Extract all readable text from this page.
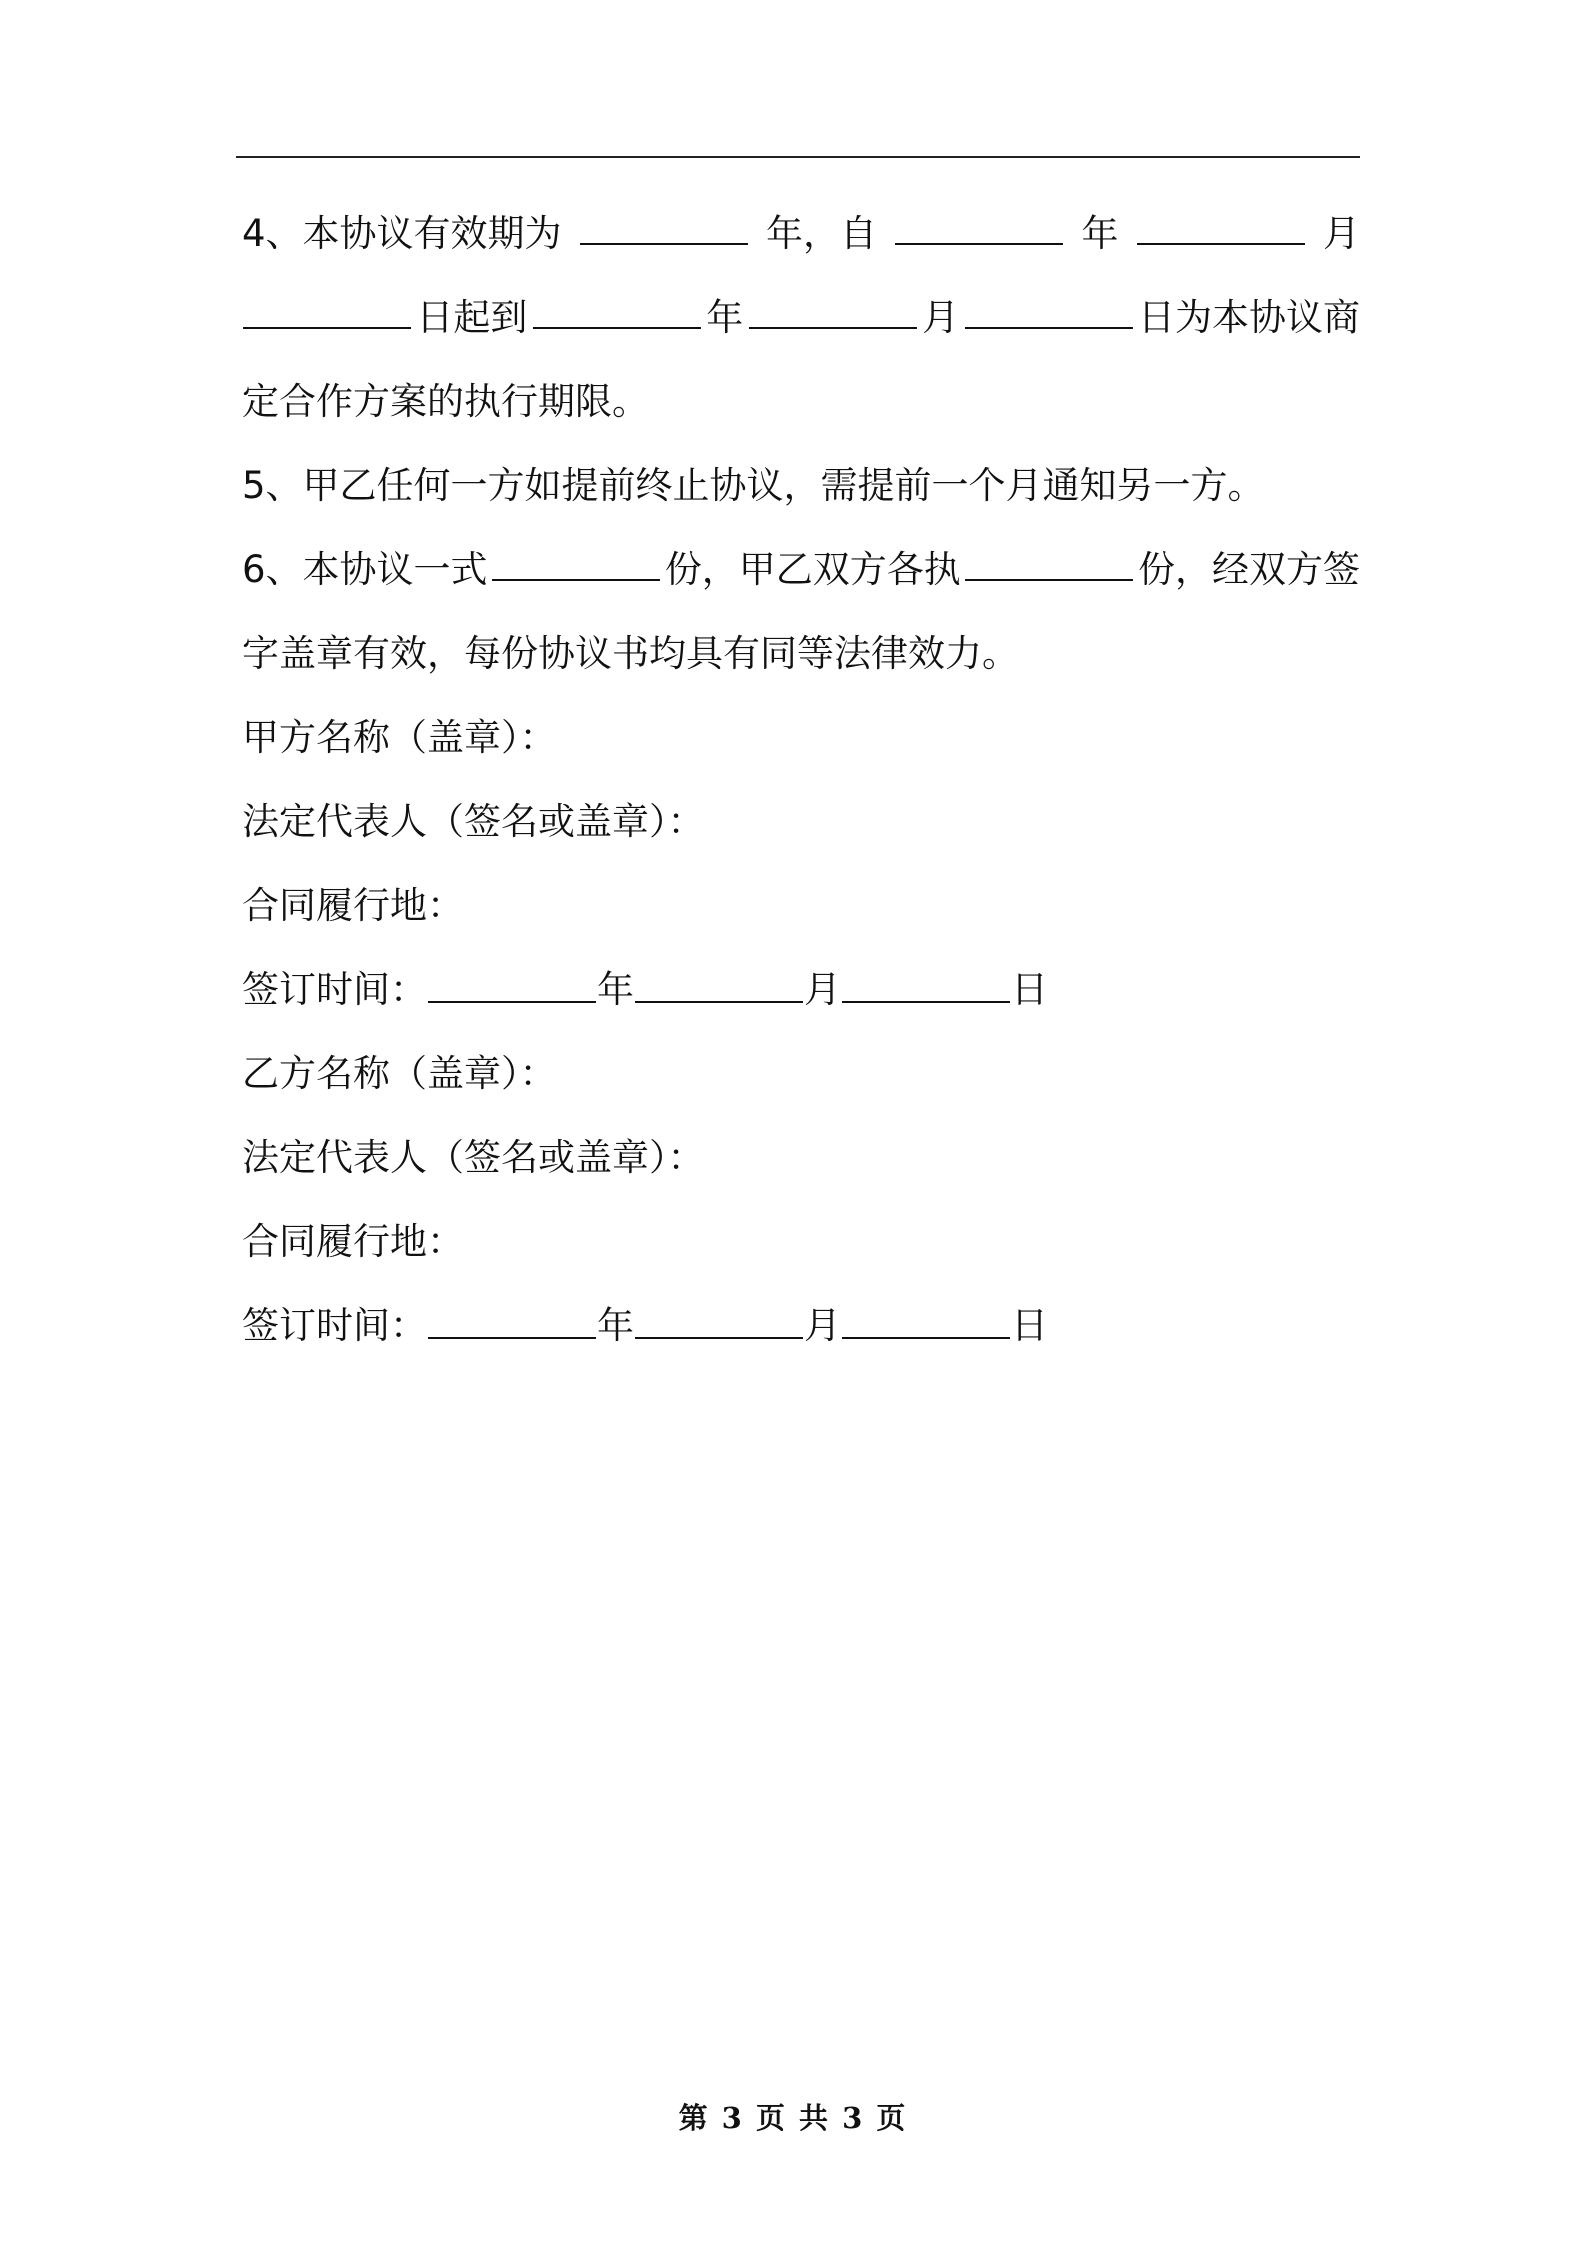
4、本协议有效期为	年，自	年	月
日起到	年	月	日为本协议商
定合作方案的执行期限。
5、甲乙任何一方如提前终止协议，需提前一个月通知另一方。
6、本协议一式	份，甲乙双方各执	份，经双方签
字盖章有效，每份协议书均具有同等法律效力。
甲方名称（盖章）：
法定代表人（签名或盖章）：
合同履行地：
签订时间：	年	月	日
乙方名称（盖章）：
法定代表人（签名或盖章）：
合同履行地：
签订时间：	年	月	日
第 3 页 共 3 页
